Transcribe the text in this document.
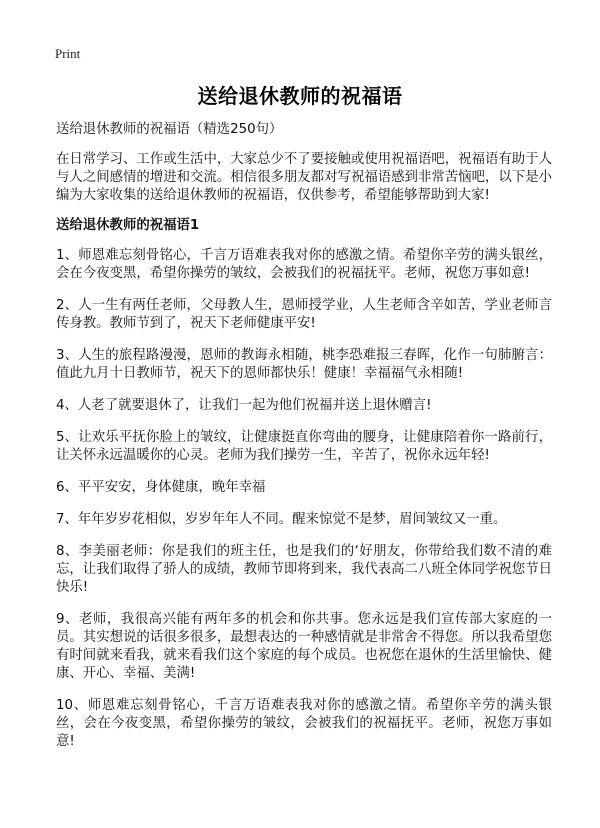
Print
送给退休教师的祝福语

送给退休教师的祝福语（精选250句）

在日常学习、工作或生活中，大家总少不了要接触或使用祝福语吧，祝福语有助于人与人之间感情的增进和交流。相信很多朋友都对写祝福语感到非常苦恼吧，以下是小编为大家收集的送给退休教师的祝福语，仅供参考，希望能够帮助到大家!

送给退休教师的祝福语1

1、师恩难忘刻骨铭心，千言万语难表我对你的感激之情。希望你辛劳的满头银丝，会在今夜变黑，希望你操劳的皱纹，会被我们的祝福抚平。老师，祝您万事如意!

2、人一生有两任老师，父母教人生，恩师授学业，人生老师含辛如苦，学业老师言传身教。教师节到了，祝天下老师健康平安!

3、人生的旅程路漫漫，恩师的教诲永相随，桃李恐难报三春晖，化作一句肺腑言：值此九月十日教师节，祝天下的恩师都快乐！健康！幸福福气永相随!

4、人老了就要退休了，让我们一起为他们祝福并送上退休赠言!

5、让欢乐平抚你脸上的皱纹，让健康挺直你弯曲的腰身，让健康陪着你一路前行，让关怀永远温暖你的心灵。老师为我们操劳一生，辛苦了，祝你永远年轻!

6、平平安安，身体健康，晚年幸福

7、年年岁岁花相似，岁岁年年人不同。醒来惊觉不是梦，眉间皱纹又一重。

8、李美丽老师：你是我们的班主任，也是我们的‘好朋友，你带给我们数不清的难忘，让我们取得了骄人的成绩，教师节即将到来，我代表高二八班全体同学祝您节日快乐!

9、老师，我很高兴能有两年多的机会和你共事。您永远是我们宣传部大家庭的一员。其实想说的话很多很多，最想表达的一种感情就是非常舍不得您。所以我希望您有时间就来看我，就来看我们这个家庭的每个成员。也祝您在退休的生活里愉快、健康、开心、幸福、美满!

10、师恩难忘刻骨铭心，千言万语难表我对你的感激之情。希望你辛劳的满头银丝，会在今夜变黑，希望你操劳的皱纹，会被我们的祝福抚平。老师，祝您万事如意!
